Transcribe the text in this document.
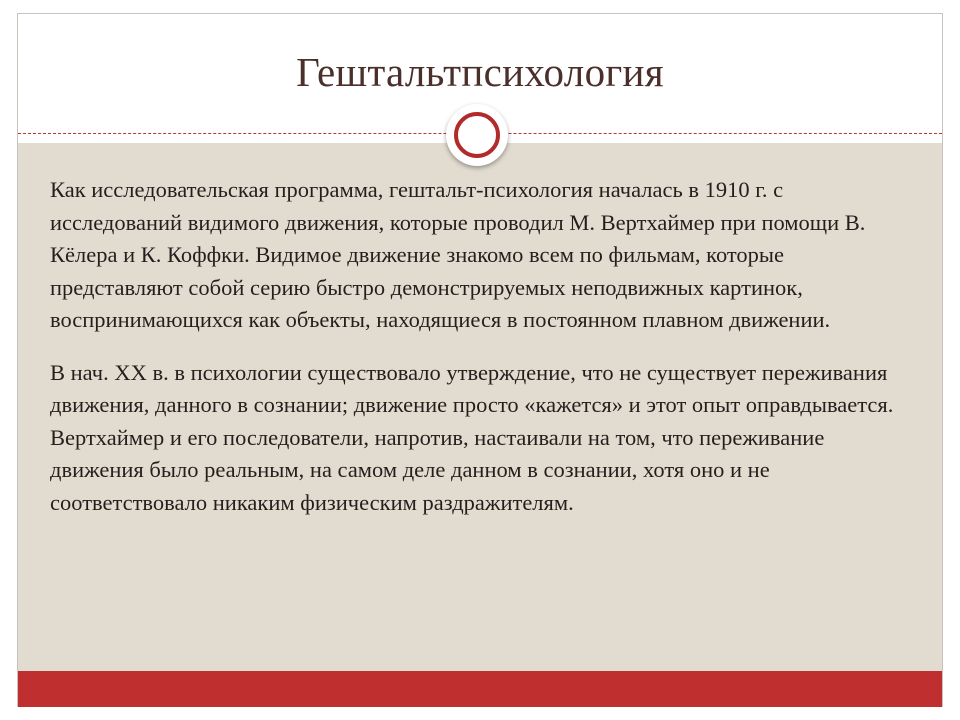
Гештальтпсихология

Как исследовательская программа, гештальт-психология началась в 1910 г. с исследований видимого движения, которые проводил М. Вертхаймер при помощи В. Кёлера и К. Коффки. Видимое движение знакомо всем по фильмам, которые представляют собой серию быстро демонстрируемых неподвижных картинок, воспринимающихся как объекты, находящиеся в постоянном плавном движении.

В нач. XX в. в психологии существовало утверждение, что не существует переживания движения, данного в сознании; движение просто «кажется» и этот опыт оправдывается. Вертхаймер и его последователи, напротив, настаивали на том, что переживание движения было реальным, на самом деле данном в сознании, хотя оно и не соответствовало никаким физическим раздражителям.
